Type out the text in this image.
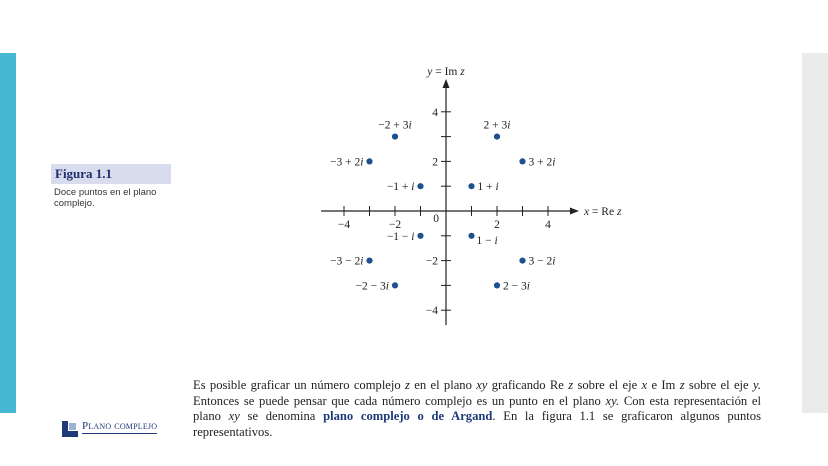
Figura 1.1
Doce puntos en el plano complejo.
−4	−2	2	4
4
2
−2
−4
0
x = Re z
y = Im z
−2 + 3i	2 + 3i
−3 + 2i	3 + 2i
−1 + i	1 + i
−1 − i	1 − i
−3 − 2i	3 − 2i
−2 − 3i	2 − 3i
Es posible graficar un número complejo z en el plano xy graficando Re z sobre el eje x e Im z sobre el eje y. Entonces se puede pensar que cada número complejo es un punto en el plano xy. Con esta representación el plano xy se denomina plano complejo o de Argand. En la figura 1.1 se graficaron algunos puntos representativos.
Plano complejo
